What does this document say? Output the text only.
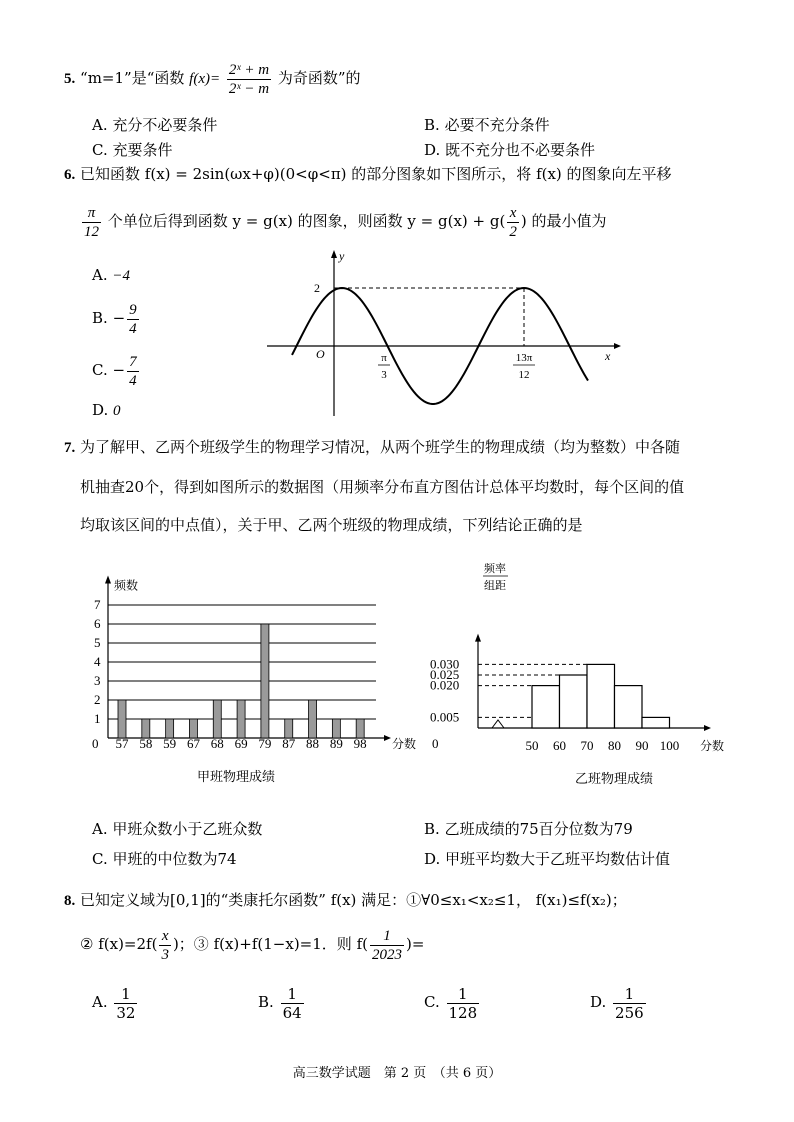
5. “m=1”是“函数 $f(x)= \frac{\text{2ˣ + m}}{\text{2ˣ − m}}$ 为奇函数”的
A. 充分不必要条件	B. 必要不充分条件
C. 充要条件	D. 既不充分也不必要条件
6. 已知函数 f(x) = 2sin(ωx+φ)(0<φ<π) 的部分图象如下图所示，将 f(x) 的图象向左平移
$\frac{\pi}{12}$ 个单位后得到函数 y = g(x) 的图象，则函数 $y = g(x) + g( \frac{x}{2}$ ) 的最小值为
A. −4
B. − $\frac{9}{4}$
C. − $\frac{7}{4}$
D. 0
y
x
O
2
π
3
13π
12
7. 为了解甲、乙两个班级学生的物理学习情况，从两个班学生的物理成绩（均为整数）中各随
机抽查20个，得到如图所示的数据图（用频率分布直方图估计总体平均数时，每个区间的值
均取该区间的中点值），关于甲、乙两个班级的物理成绩，下列结论正确的是
频数
1
2
3
4
5
6
7
0 57 58 59 67 68 69 79 87 88 89 98 分数
甲班物理成绩
频率
组距
0
0.005
0.020
0.025
0.030
50 60 70 80 90 100 分数
乙班物理成绩
A. 甲班众数小于乙班众数	B. 乙班成绩的75百分位数为79
C. 甲班的中位数为74	D. 甲班平均数大于乙班平均数估计值
8. 已知定义域为[0,1]的“类康托尔函数” f(x) 满足：①∀0≤x₁<x₂≤1， f(x₁)≤f(x₂)；
② $f(x)=2f( \frac{x}{3}$ )；③ f(x)+f(1−x)=1．则 $f( \frac{1}{2023}$ )=
A. $\frac{1}{32}$	B. $\frac{1}{64}$	C. $\frac{1}{128}$	D. $\frac{1}{256}$
高三数学试题　第 2 页　（共 6 页）
